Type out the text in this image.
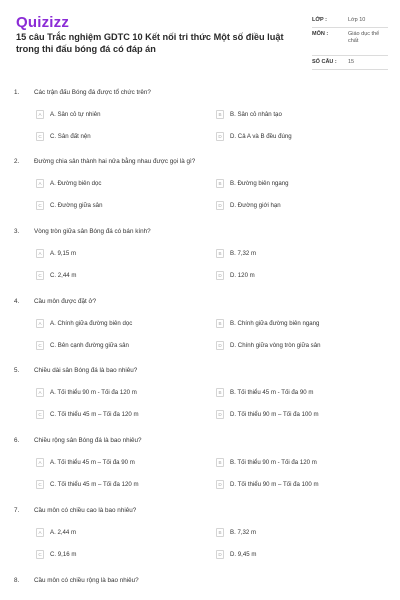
Quizizz
15 câu Trắc nghiệm GDTC 10 Kết nối tri thức Một số điều luật trong thi đấu bóng đá có đáp án
LỚP :	Lớp 10
MÔN :	Giáo dục thể chất
SỐ CÂU : 15
1. Các trận đấu Bóng đá được tổ chức trên?
A	A. Sân cỏ tự nhiên	B	B. Sân cỏ nhân tạo
C	C. Sân đất nện	D	D. Cả A và B đều đúng
2. Đường chia sân thành hai nửa bằng nhau được gọi là gì?
A	A. Đường biên dọc	B	B. Đường biên ngang
C	C. Đường giữa sân	D	D. Đường giới hạn
3. Vòng tròn giữa sân Bóng đá có bán kính?
A	A. 9,15 m	B	B. 7,32 m
C	C. 2,44 m	D	D. 120 m
4. Cầu môn được đặt ở?
A	A. Chính giữa đường biên dọc	B	B. Chính giữa đường biên ngang
C	C. Bên cạnh đường giữa sân	D	D. Chính giữa vòng tròn giữa sân
5. Chiều dài sân Bóng đá là bao nhiêu?
A	A. Tối thiểu 90 m - Tối đa 120 m	B	B. Tối thiểu 45 m - Tối đa 90 m
C	C. Tối thiểu 45 m – Tối đa 120 m	D	D. Tối thiểu 90 m – Tối đa 100 m
6. Chiều rộng sân Bóng đá là bao nhiêu?
A	A. Tối thiểu 45 m – Tối đa 90 m	B	B. Tối thiểu 90 m - Tối đa 120 m
C	C. Tối thiểu 45 m – Tối đa 120 m	D	D. Tối thiểu 90 m – Tối đa 100 m
7. Cầu môn có chiều cao là bao nhiêu?
A	A. 2,44 m	B	B. 7,32 m
C	C. 9,16 m	D	D. 9,45 m
8. Cầu môn có chiều rộng là bao nhiêu?
